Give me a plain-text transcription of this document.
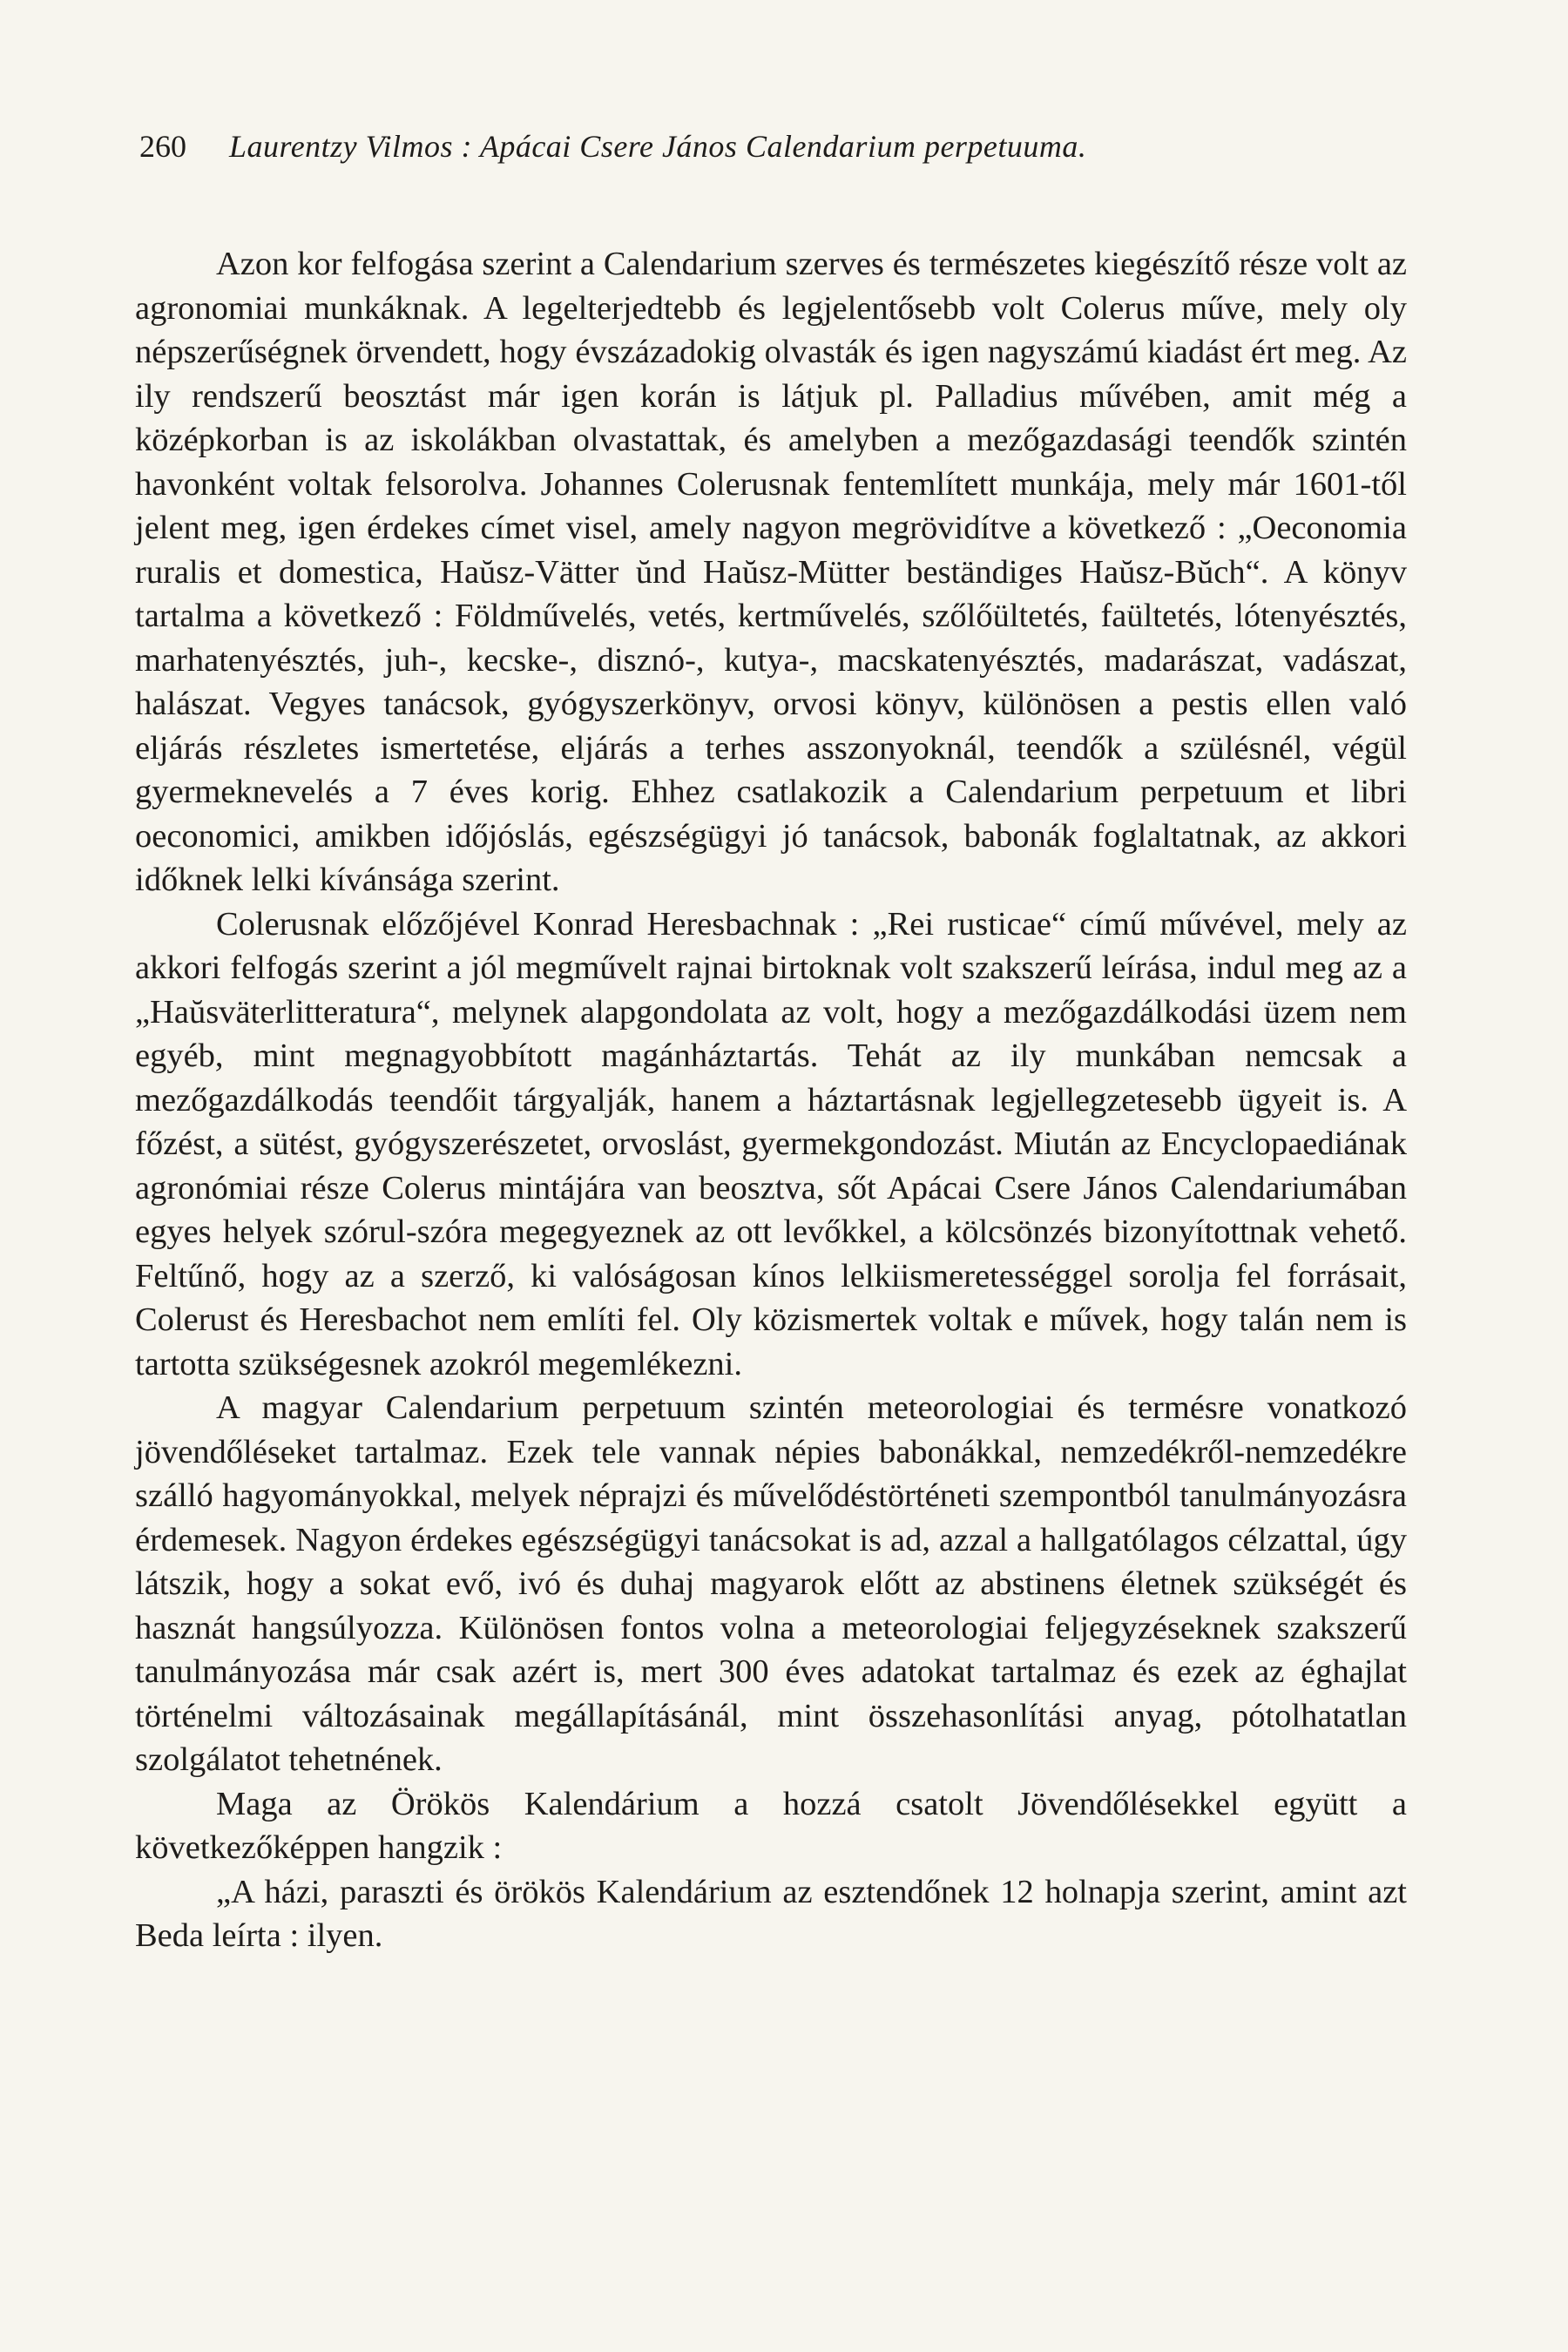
260 Laurentzy Vilmos : Apácai Csere János Calendarium perpetuuma.

Azon kor felfogása szerint a Calendarium szerves és természetes kiegészítő része volt az agronomiai munkáknak. A legelterjedtebb és legjelentősebb volt Colerus műve, mely oly népszerűségnek örvendett, hogy évszázadokig olvasták és igen nagyszámú kiadást ért meg. Az ily rendszerű beosztást már igen korán is látjuk pl. Palladius művében, amit még a középkorban is az iskolákban olvastattak, és amelyben a mezőgazdasági teendők szintén havonként voltak felsorolva. Johannes Colerusnak fentemlített munkája, mely már 1601-től jelent meg, igen érdekes címet visel, amely nagyon megrövidítve a következő : „Oeconomia ruralis et domestica, Haŭsz-Vätter ŭnd Haŭsz-Mütter beständiges Haŭsz-Bŭch“. A könyv tartalma a következő : Földművelés, vetés, kertművelés, szőlőültetés, faültetés, lótenyésztés, marhatenyésztés, juh-, kecske-, disznó-, kutya-, macskatenyésztés, madarászat, vadászat, halászat. Vegyes tanácsok, gyógyszerkönyv, orvosi könyv, különösen a pestis ellen való eljárás részletes ismertetése, eljárás a terhes asszonyoknál, teendők a szülésnél, végül gyermeknevelés a 7 éves korig. Ehhez csatlakozik a Calendarium perpetuum et libri oeconomici, amikben időjóslás, egészségügyi jó tanácsok, babonák foglaltatnak, az akkori időknek lelki kívánsága szerint.

Colerusnak előzőjével Konrad Heresbachnak : „Rei rusticae“ című művével, mely az akkori felfogás szerint a jól megművelt rajnai birtoknak volt szakszerű leírása, indul meg az a „Haŭsväterlitteratura“, melynek alapgondolata az volt, hogy a mezőgazdálkodási üzem nem egyéb, mint megnagyobbított magánháztartás. Tehát az ily munkában nemcsak a mezőgazdálkodás teendőit tárgyalják, hanem a háztartásnak legjellegzetesebb ügyeit is. A főzést, a sütést, gyógyszerészetet, orvoslást, gyermekgondozást. Miután az Encyclopaediának agronómiai része Colerus mintájára van beosztva, sőt Apácai Csere János Calendariumában egyes helyek szórul-szóra megegyeznek az ott levőkkel, a kölcsönzés bizonyítottnak vehető. Feltűnő, hogy az a szerző, ki valóságosan kínos lelkiismeretességgel sorolja fel forrásait, Colerust és Heresbachot nem említi fel. Oly közismertek voltak e művek, hogy talán nem is tartotta szükségesnek azokról megemlékezni.

A magyar Calendarium perpetuum szintén meteorologiai és termésre vonatkozó jövendőléseket tartalmaz. Ezek tele vannak népies babonákkal, nemzedékről-nemzedékre szálló hagyományokkal, melyek néprajzi és művelődéstörténeti szempontból tanulmányozásra érdemesek. Nagyon érdekes egészségügyi tanácsokat is ad, azzal a hallgatólagos célzattal, úgy látszik, hogy a sokat evő, ivó és duhaj magyarok előtt az abstinens életnek szükségét és hasznát hangsúlyozza. Különösen fontos volna a meteorologiai feljegyzéseknek szakszerű tanulmányozása már csak azért is, mert 300 éves adatokat tartalmaz és ezek az éghajlat történelmi változásainak megállapításánál, mint összehasonlítási anyag, pótolhatatlan szolgálatot tehetnének.

Maga az Örökös Kalendárium a hozzá csatolt Jövendőlésekkel együtt a következőképpen hangzik :

„A házi, paraszti és örökös Kalendárium az esztendőnek 12 holnapja szerint, amint azt Beda leírta : ilyen.
